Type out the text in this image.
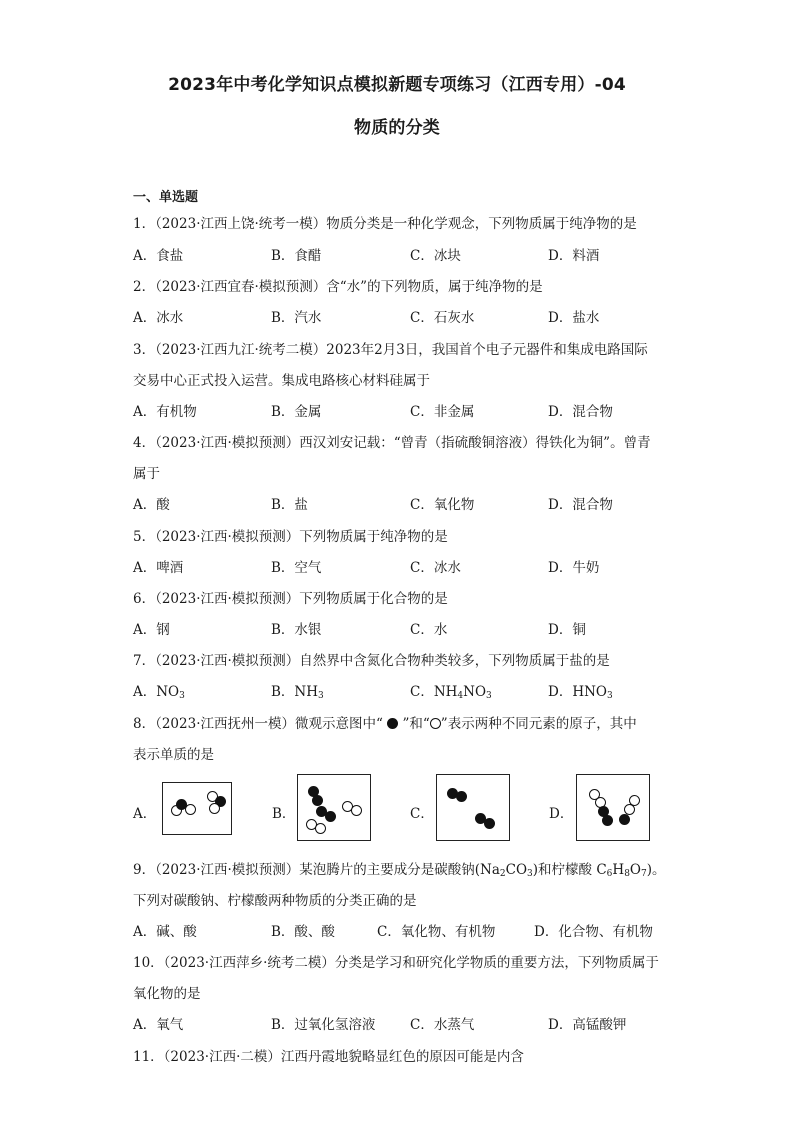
2023年中考化学知识点模拟新题专项练习（江西专用）-04
物质的分类
一、单选题
1．（2023·江西上饶·统考一模）物质分类是一种化学观念，下列物质属于纯净物的是
A．食盐	B．食醋	C．冰块	D．料酒
2．（2023·江西宜春·模拟预测）含“水”的下列物质，属于纯净物的是
A．冰水	B．汽水	C．石灰水	D．盐水
3．（2023·江西九江·统考二模）2023年2月3日，我国首个电子元器件和集成电路国际
交易中心正式投入运营。集成电路核心材料硅属于
A．有机物	B．金属	C．非金属	D．混合物
4．（2023·江西·模拟预测）西汉刘安记载：“曾青（指硫酸铜溶液）得铁化为铜”。曾青
属于
A．酸	B．盐	C．氧化物	D．混合物
5．（2023·江西·模拟预测）下列物质属于纯净物的是
A．啤酒	B．空气	C．冰水	D．牛奶
6．（2023·江西·模拟预测）下列物质属于化合物的是
A．钢	B．水银	C．水	D．铜
7．（2023·江西·模拟预测）自然界中含氮化合物种类较多，下列物质属于盐的是
A．$NO_3$	B．$NH_3$	C．$NH_4NO_3$	D．$HNO_3$
8．（2023·江西抚州一模）微观示意图中“ ”和“ ”表示两种不同元素的原子，其中
表示单质的是
A．	B．	C．	D．
9．（2023·江西·模拟预测）某泡腾片的主要成分是碳酸钠$(Na_2CO_3)$和柠檬酸 $C_6H_8O_7$)。
下列对碳酸钠、柠檬酸两种物质的分类正确的是
A．碱、酸	B．酸、酸	C．氧化物、有机物	D．化合物、有机物
10．（2023·江西萍乡·统考二模）分类是学习和研究化学物质的重要方法，下列物质属于
氧化物的是
A．氧气	B．过氧化氢溶液	C．水蒸气	D．高锰酸钾
11．（2023·江西·二模）江西丹霞地貌略显红色的原因可能是内含
